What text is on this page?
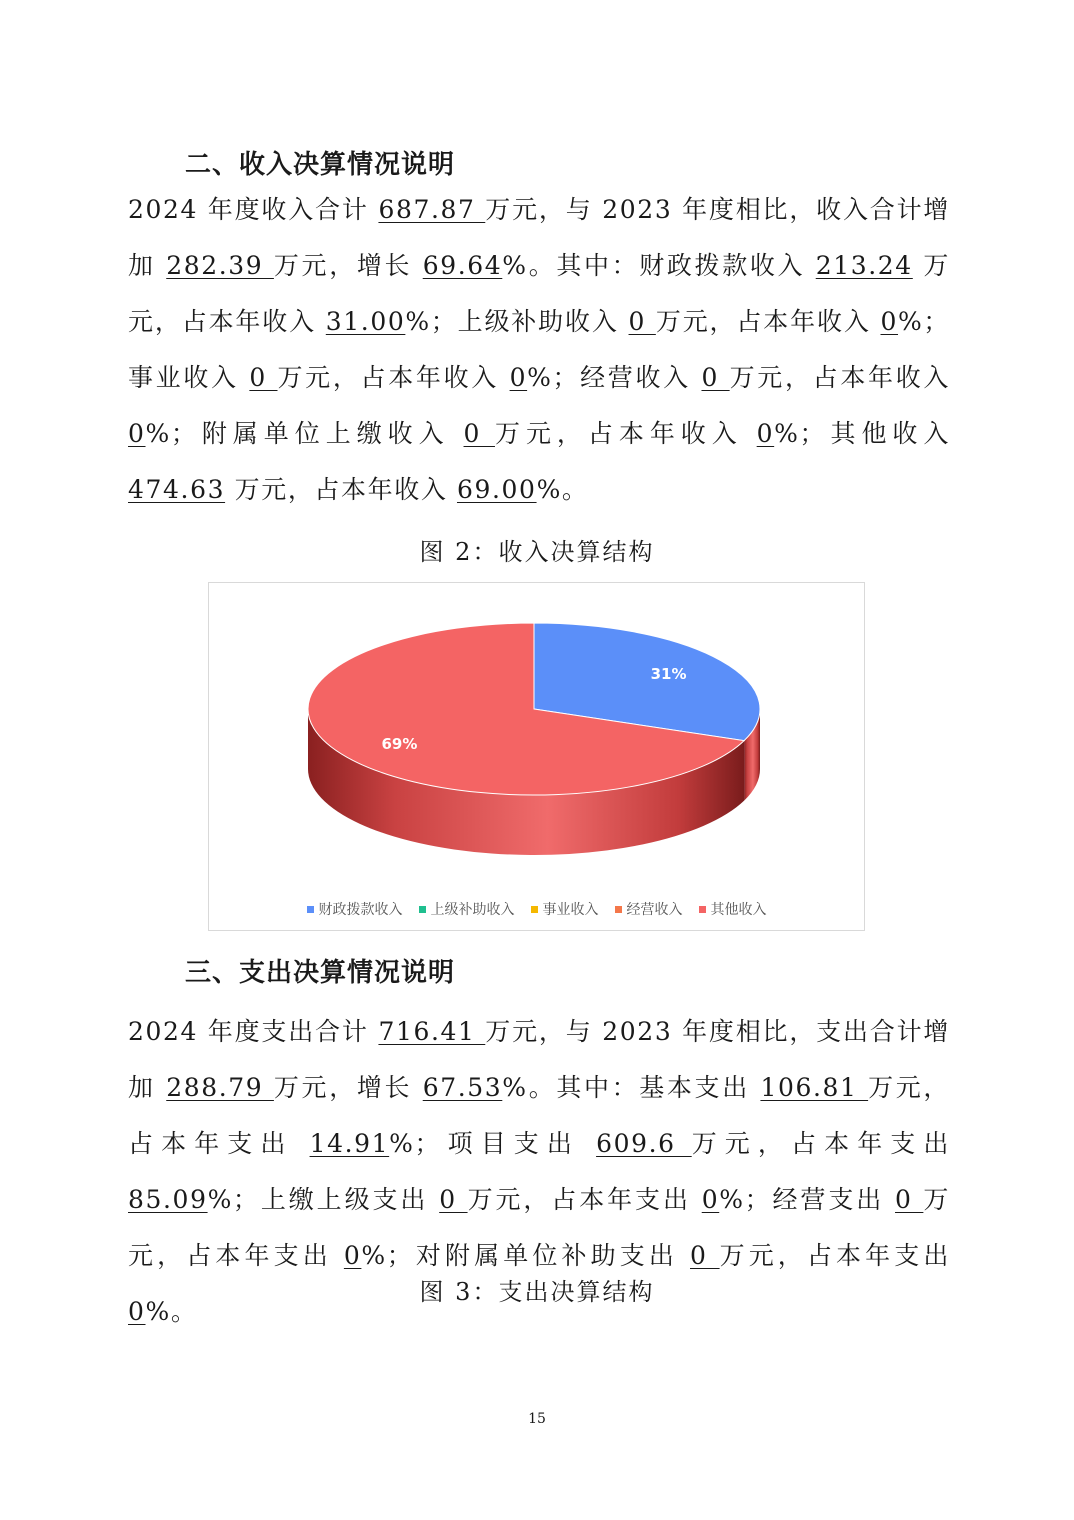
二、收入决算情况说明
2024 年度收入合计 687.87 万元，与 2023 年度相比，收入合计增加 282.39 万元，增长 69.64%。其中：财政拨款收入 213.24 万元，占本年收入 31.00%；上级补助收入 0 万元，占本年收入 0%；事业收入 0 万元，占本年收入 0%；经营收入 0 万元，占本年收入 0%；附属单位上缴收入 0 万元，占本年收入 0%；其他收入 474.63 万元，占本年收入 69.00%。
图 2：收入决算结构
31%
69%
财政拨款收入 上级补助收入 事业收入 经营收入 其他收入
三、支出决算情况说明
2024 年度支出合计 716.41 万元，与 2023 年度相比，支出合计增加 288.79 万元，增长 67.53%。其中：基本支出 106.81 万元，占本年支出 14.91%；项目支出 609.6 万元，占本年支出 85.09%；上缴上级支出 0 万元，占本年支出 0%；经营支出 0 万元，占本年支出 0%；对附属单位补助支出 0 万元，占本年支出 0%。
图 3：支出决算结构
15
